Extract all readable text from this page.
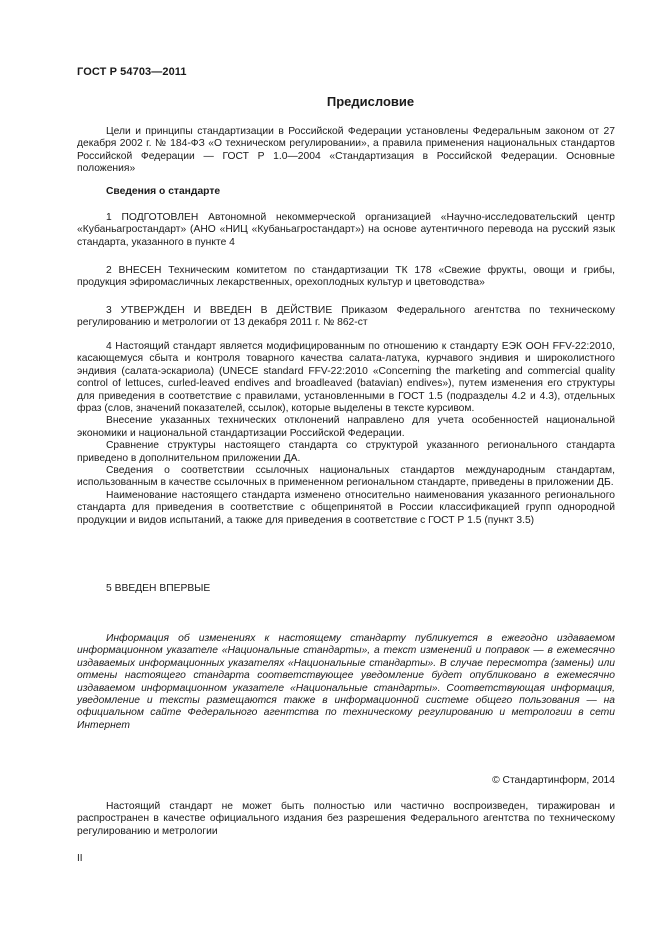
ГОСТ Р 54703—2011
Предисловие

Цели и принципы стандартизации в Российской Федерации установлены Федеральным законом от 27 декабря 2002 г. № 184-ФЗ «О техническом регулировании», а правила применения национальных стандартов Российской Федерации — ГОСТ Р 1.0—2004 «Стандартизация в Российской Федерации. Основные положения»

Сведения о стандарте

1 ПОДГОТОВЛЕН Автономной некоммерческой организацией «Научно-исследовательский центр «Кубаньагростандарт» (АНО «НИЦ «Кубаньагростандарт») на основе аутентичного перевода на русский язык стандарта, указанного в пункте 4

2 ВНЕСЕН Техническим комитетом по стандартизации ТК 178 «Свежие фрукты, овощи и грибы, продукция эфиромасличных лекарственных, орехоплодных культур и цветоводства»

3 УТВЕРЖДЕН И ВВЕДЕН В ДЕЙСТВИЕ Приказом Федерального агентства по техническому регулированию и метрологии от 13 декабря 2011 г. № 862-ст

4 Настоящий стандарт является модифицированным по отношению к стандарту ЕЭК ООН FFV-22:2010, касающемуся сбыта и контроля товарного качества салата-латука, курчавого эндивия и широколистного эндивия (салата-эскариола) (UNECE standard FFV-22:2010 «Concerning the marketing and commercial quality control of lettuces, curled-leaved endives and broadleaved (batavian) endives»), путем изменения его структуры для приведения в соответствие с правилами, установленными в ГОСТ 1.5 (подразделы 4.2 и 4.3), отдельных фраз (слов, значений показателей, ссылок), которые выделены в тексте курсивом.

Внесение указанных технических отклонений направлено для учета особенностей национальной экономики и национальной стандартизации Российской Федерации.

Сравнение структуры настоящего стандарта со структурой указанного регионального стандарта приведено в дополнительном приложении ДА.

Сведения о соответствии ссылочных национальных стандартов международным стандартам, использованным в качестве ссылочных в примененном региональном стандарте, приведены в приложении ДБ.

Наименование настоящего стандарта изменено относительно наименования указанного регионального стандарта для приведения в соответствие с общепринятой в России классификацией групп однородной продукции и видов испытаний, а также для приведения в соответствие с ГОСТ Р 1.5 (пункт 3.5)

5 ВВЕДЕН ВПЕРВЫЕ

Информация об изменениях к настоящему стандарту публикуется в ежегодно издаваемом информационном указателе «Национальные стандарты», а текст изменений и поправок — в ежемесячно издаваемых информационных указателях «Национальные стандарты». В случае пересмотра (замены) или отмены настоящего стандарта соответствующее уведомление будет опубликовано в ежемесячно издаваемом информационном указателе «Национальные стандарты». Соответствующая информация, уведомление и тексты размещаются также в информационной системе общего пользования — на официальном сайте Федерального агентства по техническому регулированию и метрологии в сети Интернет

© Стандартинформ, 2014

Настоящий стандарт не может быть полностью или частично воспроизведен, тиражирован и распространен в качестве официального издания без разрешения Федерального агентства по техническому регулированию и метрологии

II
